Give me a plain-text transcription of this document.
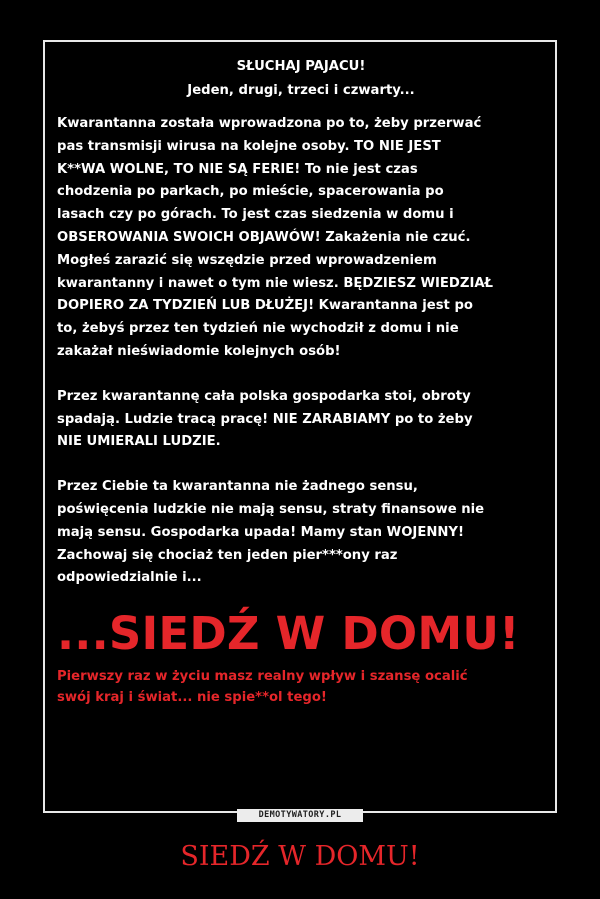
SŁUCHAJ PAJACU!

Jeden, drugi, trzeci i czwarty...

Kwarantanna została wprowadzona po to, żeby przerwać
pas transmisji wirusa na kolejne osoby. TO NIE JEST
K**WA WOLNE, TO NIE SĄ FERIE! To nie jest czas
chodzenia po parkach, po mieście, spacerowania po
lasach czy po górach. To jest czas siedzenia w domu i
OBSEROWANIA SWOICH OBJAWÓW! Zakażenia nie czuć.
Mogłeś zarazić się wszędzie przed wprowadzeniem
kwarantanny i nawet o tym nie wiesz. BĘDZIESZ WIEDZIAŁ
DOPIERO ZA TYDZIEŃ LUB DŁUŻEJ! Kwarantanna jest po
to, żebyś przez ten tydzień nie wychodził z domu i nie
zakażał nieświadomie kolejnych osób!

Przez kwarantannę cała polska gospodarka stoi, obroty
spadają. Ludzie tracą pracę! NIE ZARABIAMY po to żeby
NIE UMIERALI LUDZIE.

Przez Ciebie ta kwarantanna nie żadnego sensu,
poświęcenia ludzkie nie mają sensu, straty finansowe nie
mają sensu. Gospodarka upada! Mamy stan WOJENNY!
Zachowaj się chociaż ten jeden pier***ony raz
odpowiedzialnie i...

...SIEDŹ W DOMU!

Pierwszy raz w życiu masz realny wpływ i szansę ocalić
swój kraj i świat... nie spie**ol tego!

DEMOTYWATORY.PL

SIEDŹ W DOMU!
